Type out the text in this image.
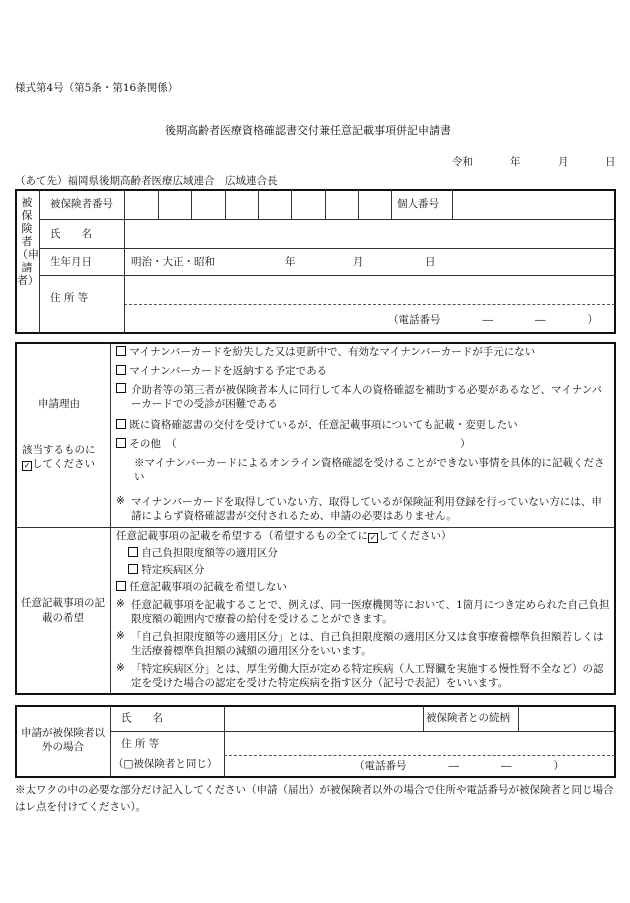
様式第4号（第5条・第16条関係）
後期高齢者医療資格確認書交付兼任意記載事項併記申請書
令和	年	月	日
（あて先）福岡県後期高齢者医療広域連合　広域連合長
被保険者（申請者）
被保険者番号	個人番号
氏　　名
生年月日	明治・大正・昭和	年	月	日
住 所 等
（電話番号　　　　―　　　　―　　　　）
申請理由
該当するものに
✓ してください
マイナンバーカードを紛失した又は更新中で、有効なマイナンバーカードが手元にない
マイナンバーカードを返納する予定である
介助者等の第三者が被保険者本人に同行して本人の資格確認を補助する必要があるなど、マイナンバーカードでの受診が困難である
既に資格確認書の交付を受けているが、任意記載事項についても記載・変更したい
その他　（　　　　　　　　　　　　　　　　　　　　　　　　　　　）
※マイナンバーカードによるオンライン資格確認を受けることができない事情を具体的に記載ください
※ マイナンバーカードを取得していない方、取得しているが保険証利用登録を行っていない方には、申請によらず資格確認書が交付されるため、申請の必要はありません。
任意記載事項の記載の希望
任意記載事項の記載を希望する（希望するもの全てに ✓ してください）
自己負担限度額等の適用区分
特定疾病区分
任意記載事項の記載を希望しない
※ 任意記載事項を記載することで、例えば、同一医療機関等において、1箇月につき定められた自己負担限度額の範囲内で療養の給付を受けることができます。
※ 「自己負担限度額等の適用区分」とは、自己負担限度額の適用区分又は食事療養標準負担額若しくは生活療養標準負担額の減額の適用区分をいいます。
※ 「特定疾病区分」とは、厚生労働大臣が定める特定疾病（人工腎臓を実施する慢性腎不全など）の認定を受けた場合の認定を受けた特定疾病を指す区分（記号で表記）をいいます。
申請が被保険者以外の場合
氏　　名	被保険者との続柄
住 所 等
（□被保険者と同じ）	（電話番号　　　　―　　　　―　　　　）
※太ワクの中の必要な部分だけ記入してください（申請（届出）が被保険者以外の場合で住所や電話番号が被保険者と同じ場合はレ点を付けてください）。
